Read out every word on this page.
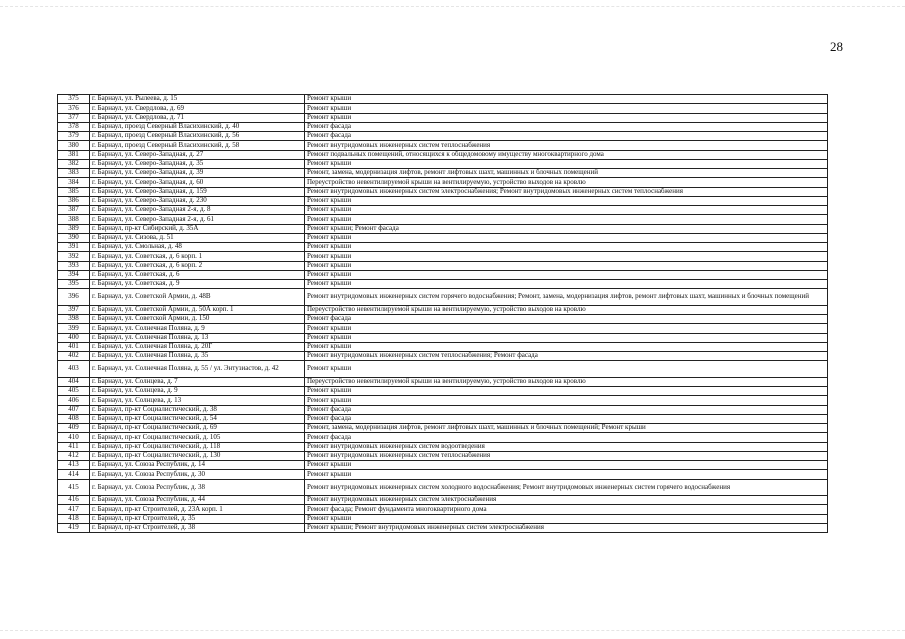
28
375	г. Барнаул, ул. Рылеева, д. 15	Ремонт крыши
376	г. Барнаул, ул. Свердлова, д. 69	Ремонт крыши
377	г. Барнаул, ул. Свердлова, д. 71	Ремонт крыши
378	г. Барнаул, проезд Северный Власихинский, д. 40	Ремонт фасада
379	г. Барнаул, проезд Северный Власихинский, д. 56	Ремонт фасада
380	г. Барнаул, проезд Северный Власихинский, д. 58	Ремонт внутридомовых инженерных систем теплоснабжения
381	г. Барнаул, ул. Северо-Западная, д. 27	Ремонт подвальных помещений, относящихся к общедомовому имуществу многоквартирного дома
382	г. Барнаул, ул. Северо-Западная, д. 35	Ремонт крыши
383	г. Барнаул, ул. Северо-Западная, д. 39	Ремонт, замена, модернизация лифтов, ремонт лифтовых шахт, машинных и блочных помещений
384	г. Барнаул, ул. Северо-Западная, д. 60	Переустройство невентилируемой крыши на вентилируемую, устройство выходов на кровлю
385	г. Барнаул, ул. Северо-Западная, д. 159	Ремонт внутридомовых инженерных систем электроснабжения; Ремонт внутридомовых инженерных систем теплоснабжения
386	г. Барнаул, ул. Северо-Западная, д. 230	Ремонт крыши
387	г. Барнаул, ул. Северо-Западная 2-я, д. 8	Ремонт крыши
388	г. Барнаул, ул. Северо-Западная 2-я, д. 61	Ремонт крыши
389	г. Барнаул, пр-кт Сибирский, д. 35А	Ремонт крыши; Ремонт фасада
390	г. Барнаул, ул. Сизова, д. 51	Ремонт крыши
391	г. Барнаул, ул. Смольная, д. 48	Ремонт крыши
392	г. Барнаул, ул. Советская, д. 6 корп. 1	Ремонт крыши
393	г. Барнаул, ул. Советская, д. 6 корп. 2	Ремонт крыши
394	г. Барнаул, ул. Советская, д. 6	Ремонт крыши
395	г. Барнаул, ул. Советская, д. 9	Ремонт крыши
396	г. Барнаул, ул. Советской Армии, д. 48В	Ремонт внутридомовых инженерных систем горячего водоснабжения; Ремонт, замена, модернизация лифтов, ремонт лифтовых шахт, машинных и блочных помещений
397	г. Барнаул, ул. Советской Армии, д. 50А корп. 1	Переустройство невентилируемой крыши на вентилируемую, устройство выходов на кровлю
398	г. Барнаул, ул. Советской Армии, д. 150	Ремонт фасада
399	г. Барнаул, ул. Солнечная Поляна, д. 9	Ремонт крыши
400	г. Барнаул, ул. Солнечная Поляна, д. 13	Ремонт крыши
401	г. Барнаул, ул. Солнечная Поляна, д. 20Г	Ремонт крыши
402	г. Барнаул, ул. Солнечная Поляна, д. 35	Ремонт внутридомовых инженерных систем теплоснабжения; Ремонт фасада
403	г. Барнаул, ул. Солнечная Поляна, д. 55 / ул. Энтузиастов, д. 42	Ремонт крыши
404	г. Барнаул, ул. Солнцева, д. 7	Переустройство невентилируемой крыши на вентилируемую, устройство выходов на кровлю
405	г. Барнаул, ул. Солнцева, д. 9	Ремонт крыши
406	г. Барнаул, ул. Солнцева, д. 13	Ремонт крыши
407	г. Барнаул, пр-кт Социалистический, д. 38	Ремонт фасада
408	г. Барнаул, пр-кт Социалистический, д. 54	Ремонт фасада
409	г. Барнаул, пр-кт Социалистический, д. 69	Ремонт, замена, модернизация лифтов, ремонт лифтовых шахт, машинных и блочных помещений; Ремонт крыши
410	г. Барнаул, пр-кт Социалистический, д. 105	Ремонт фасада
411	г. Барнаул, пр-кт Социалистический, д. 118	Ремонт внутридомовых инженерных систем водоотведения
412	г. Барнаул, пр-кт Социалистический, д. 130	Ремонт внутридомовых инженерных систем теплоснабжения
413	г. Барнаул, ул. Союза Республик, д. 14	Ремонт крыши
414	г. Барнаул, ул. Союза Республик, д. 30	Ремонт крыши
415	г. Барнаул, ул. Союза Республик, д. 38	Ремонт внутридомовых инженерных систем холодного водоснабжения; Ремонт внутридомовых инженерных систем горячего водоснабжения
416	г. Барнаул, ул. Союза Республик, д. 44	Ремонт внутридомовых инженерных систем электроснабжения
417	г. Барнаул, пр-кт Строителей, д. 23А корп. 1	Ремонт фасада; Ремонт фундамента многоквартирного дома
418	г. Барнаул, пр-кт Строителей, д. 35	Ремонт крыши
419	г. Барнаул, пр-кт Строителей, д. 38	Ремонт крыши; Ремонт внутридомовых инженерных систем электроснабжения
